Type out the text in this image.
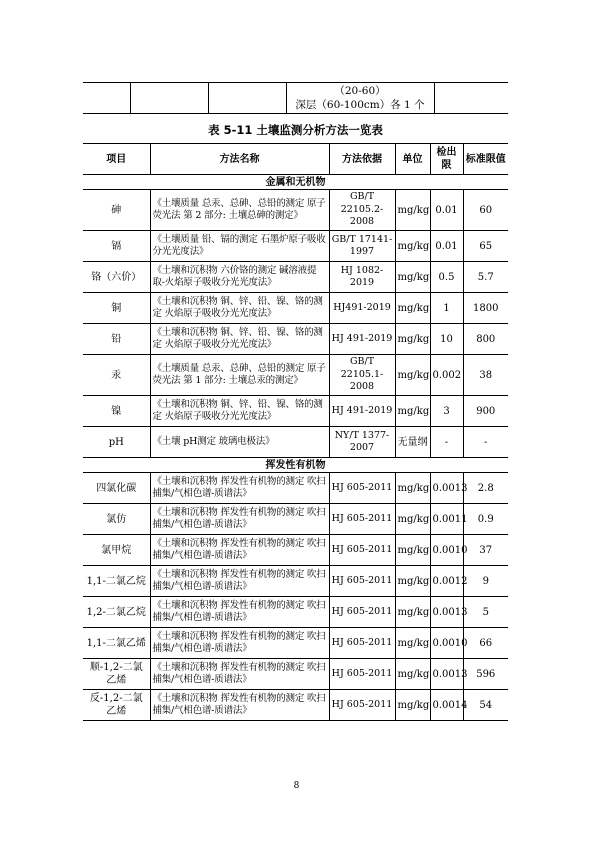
（20-60）
深层（60-100cm）各 1 个

表 5-11 土壤监测分析方法一览表
项目	方法名称	方法依据	单位	检出限	标准限值
金属和无机物					
砷	《土壤质量 总汞、总砷、总铅的测定 原子荧光法 第 2 部分: 土壤总砷的测定》	GB/T 22105.2-2008	mg/kg	0.01	60
镉	《土壤质量 铅、镉的测定 石墨炉原子吸收分光光度法》	GB/T 17141-1997	mg/kg	0.01	65
铬（六价）	《土壤和沉积物 六价铬的测定 碱溶液提取-火焰原子吸收分光光度法》	HJ 1082-2019	mg/kg	0.5	5.7
铜	《土壤和沉积物 铜、锌、铅、镍、铬的测定 火焰原子吸收分光光度法》	HJ491-2019	mg/kg	1	1800
铅	《土壤和沉积物 铜、锌、铅、镍、铬的测定 火焰原子吸收分光光度法》	HJ 491-2019	mg/kg	10	800
汞	《土壤质量 总汞、总砷、总铅的测定 原子荧光法 第 1 部分: 土壤总汞的测定》	GB/T 22105.1-2008	mg/kg	0.002	38
镍	《土壤和沉积物 铜、锌、铅、镍、铬的测定 火焰原子吸收分光光度法》	HJ 491-2019	mg/kg	3	900
pH	《土壤 pH测定 玻璃电极法》	NY/T 1377-2007	无量纲	-	-
挥发性有机物					
四氯化碳	《土壤和沉积物 挥发性有机物的测定 吹扫捕集/气相色谱-质谱法》	HJ 605-2011	mg/kg	0.0013	2.8
氯仿	《土壤和沉积物 挥发性有机物的测定 吹扫捕集/气相色谱-质谱法》	HJ 605-2011	mg/kg	0.0011	0.9
氯甲烷	《土壤和沉积物 挥发性有机物的测定 吹扫捕集/气相色谱-质谱法》	HJ 605-2011	mg/kg	0.0010	37
1,1-二氯乙烷	《土壤和沉积物 挥发性有机物的测定 吹扫捕集/气相色谱-质谱法》	HJ 605-2011	mg/kg	0.0012	9
1,2-二氯乙烷	《土壤和沉积物 挥发性有机物的测定 吹扫捕集/气相色谱-质谱法》	HJ 605-2011	mg/kg	0.0013	5
1,1-二氯乙烯	《土壤和沉积物 挥发性有机物的测定 吹扫捕集/气相色谱-质谱法》	HJ 605-2011	mg/kg	0.0010	66
顺-1,2-二氯乙烯	《土壤和沉积物 挥发性有机物的测定 吹扫捕集/气相色谱-质谱法》	HJ 605-2011	mg/kg	0.0013	596
反-1,2-二氯乙烯	《土壤和沉积物 挥发性有机物的测定 吹扫捕集/气相色谱-质谱法》	HJ 605-2011	mg/kg	0.0014	54
8
